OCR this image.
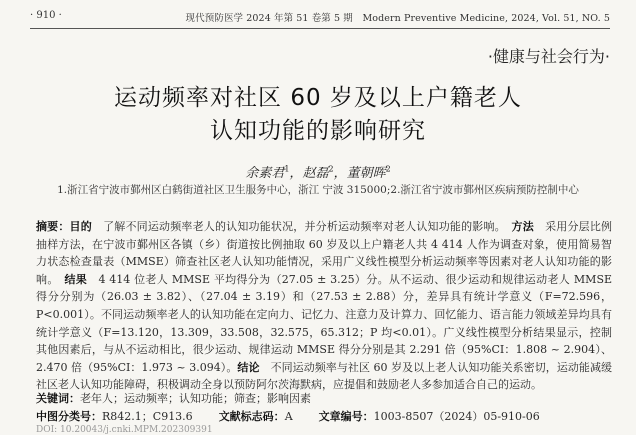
· 910 ·	现代预防医学 2024 年第 51 卷第 5 期　Modern Preventive Medicine, 2024, Vol. 51, NO. 5
·健康与社会行为·
运动频率对社区 60 岁及以上户籍老人
认知功能的影响研究
余素君$^1$，赵磊$^2$，董朝晖$^2$
1.浙江省宁波市鄞州区白鹤街道社区卫生服务中心，浙江 宁波 315000;2.浙江省宁波市鄞州区疾病预防控制中心

摘要：目的　 了解不同运动频率老人的认知功能状况，并分析运动频率对老人认知功能的影响。　 方法　 采用分层比例抽样方法，在宁波市鄞州区各镇（乡）街道按比例抽取 60 岁及以上户籍老人共 4 414 人作为调查对象，使用简易智力状态检查量表（MMSE）筛查社区老人认知功能情况，采用广义线性模型分析运动频率等因素对老人认知功能的影响。　 结果　 4 414 位老人 MMSE 平均得分为（27.05 ± 3.25）分。从不运动、很少运动和规律运动老人 MMSE 得分分别为（26.03 ± 3.82）、（27.04 ± 3.19）和（27.53 ± 2.88）分，差异具有统计学意义（F=72.596，P<0.001）。不同运动频率老人的认知功能在定向力、记忆力、注意力及计算力、回忆能力、语言能力领域差异均具有统计学意义（F=13.120，13.309，33.508，32.575，65.312；P 均<0.01）。广义线性模型分析结果显示，控制其他因素后，与从不运动相比，很少运动、规律运动 MMSE 得分分别是其 2.291 倍（95%CI：1.808 ~ 2.904）、2.470 倍（95%CI：1.973 ~ 3.094）。结论　 不同运动频率与社区 60 岁及以上老人认知功能关系密切，运动能减缓社区老人认知功能障碍，积极调动全身以预防阿尔茨海默病，应提倡和鼓励老人多参加适合自己的运动。

关键词：老年人；运动频率；认知功能；筛查；影响因素
中图分类号：R842.1；C913.6 文献标志码：A 文章编号：1003-8507（2024）05-910-06
DOI: 10.20043/j.cnki.MPM.202309391
